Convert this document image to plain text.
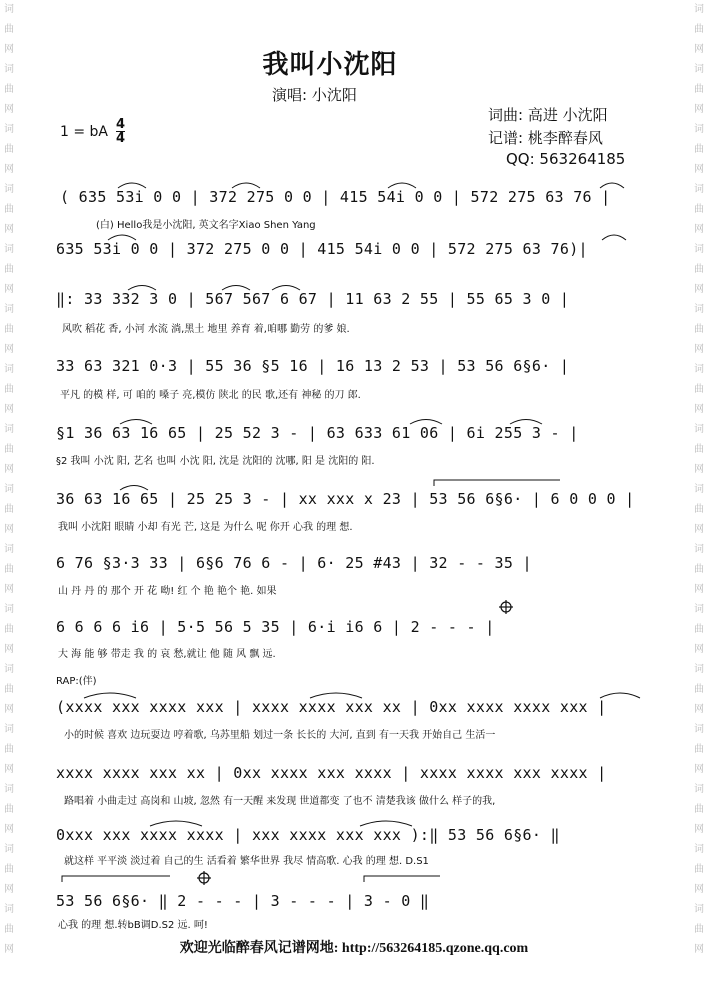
词曲网词曲网词曲网词曲网词曲网词曲网词曲网词曲网词曲网词曲网词曲网词曲网词曲网词曲网词曲网词曲网
词曲网词曲网词曲网词曲网词曲网词曲网词曲网词曲网词曲网词曲网词曲网词曲网词曲网词曲网词曲网词曲网
我叫小沈阳
演唱: 小沈阳
词曲: 高进 小沈阳
记谱: 桃李醉春风
QQ: 563264185
1 = bA $\frac{4}{4}$
( 635 53i 0 0 | 372 275 0 0 | 415 54i 0 0 | 572 275 63 76 |
(白) Hello我是小沈阳, 英文名字Xiao Shen Yang
635 53i 0 0 | 372 275 0 0 | 415 54i 0 0 | 572 275 63 76)|
‖: 33 332 3 0 | 567 567 6 67 | 11 63 2 55 | 55 65 3 0 |
风吹 稻花 香, 小河 水流 淌,黑土 地里 养育 着,咱哪 勤劳 的爹 娘.
33 63 321 0·3 | 55 36 §5 16 | 16 13 2 53 | 53 56 6§6· |
平凡 的模 样, 可 咱的 嗓子 亮,模仿 陕北 的民 歌,还有 神秘 的刀 郎.
§1 36 63 16 65 | 25 52 3 - | 63 633 61 06 | 6i 255 3 - |
§2 我叫 小沈 阳, 艺名 也叫 小沈 阳, 沈是 沈阳的 沈哪, 阳 是 沈阳的 阳.
36 63 16 65 | 25 25 3 - | xx xxx x 23 | 53 56 6§6· | 6 0 0 0 |
我叫 小沈阳 眼睛 小却 有光 芒, 这是 为什么 呢 你开 心我 的理 想.
6 76 §3·3 33 | 6§6 76 6 - | 6· 25 #43 | 32 - - 35 |
山 丹 丹 的 那个 开 花 呦! 红 个 艳 艳个 艳. 如果
6 6 6 6 i6 | 5·5 56 5 35 | 6·i i6 6 | 2 - - - |
大 海 能 够 带走 我 的 哀 愁,就让 他 随 风 飘 远.
RAP:(伴)
(xxxx xxx xxxx xxx | xxxx xxxx xxx xx | 0xx xxxx xxxx xxx |
小的时候 喜欢 边玩耍边 哼着歌, 乌苏里船 划过一条 长长的 大河, 直到 有一天我 开始自己 生活一
xxxx xxxx xxx xx | 0xx xxxx xxx xxxx | xxxx xxxx xxx xxxx |
路唱着 小曲走过 高岗和 山坡, 忽然 有一天醒 来发现 世道都变 了也不 清楚我该 做什么 样子的我,
0xxx xxx xxxx xxxx | xxx xxxx xxx xxx ):‖ 53 56 6§6· ‖
就这样 平平淡 淡过着 自己的生 活看着 繁华世界 我尽 情高歌. 心我 的理 想. D.S1
53 56 6§6· ‖ 2 - - - | 3 - - - | 3 - 0 ‖
心我 的理 想.转bB调D.S2 远. 呵!
欢迎光临醉春风记谱网地: http://563264185.qzone.qq.com
